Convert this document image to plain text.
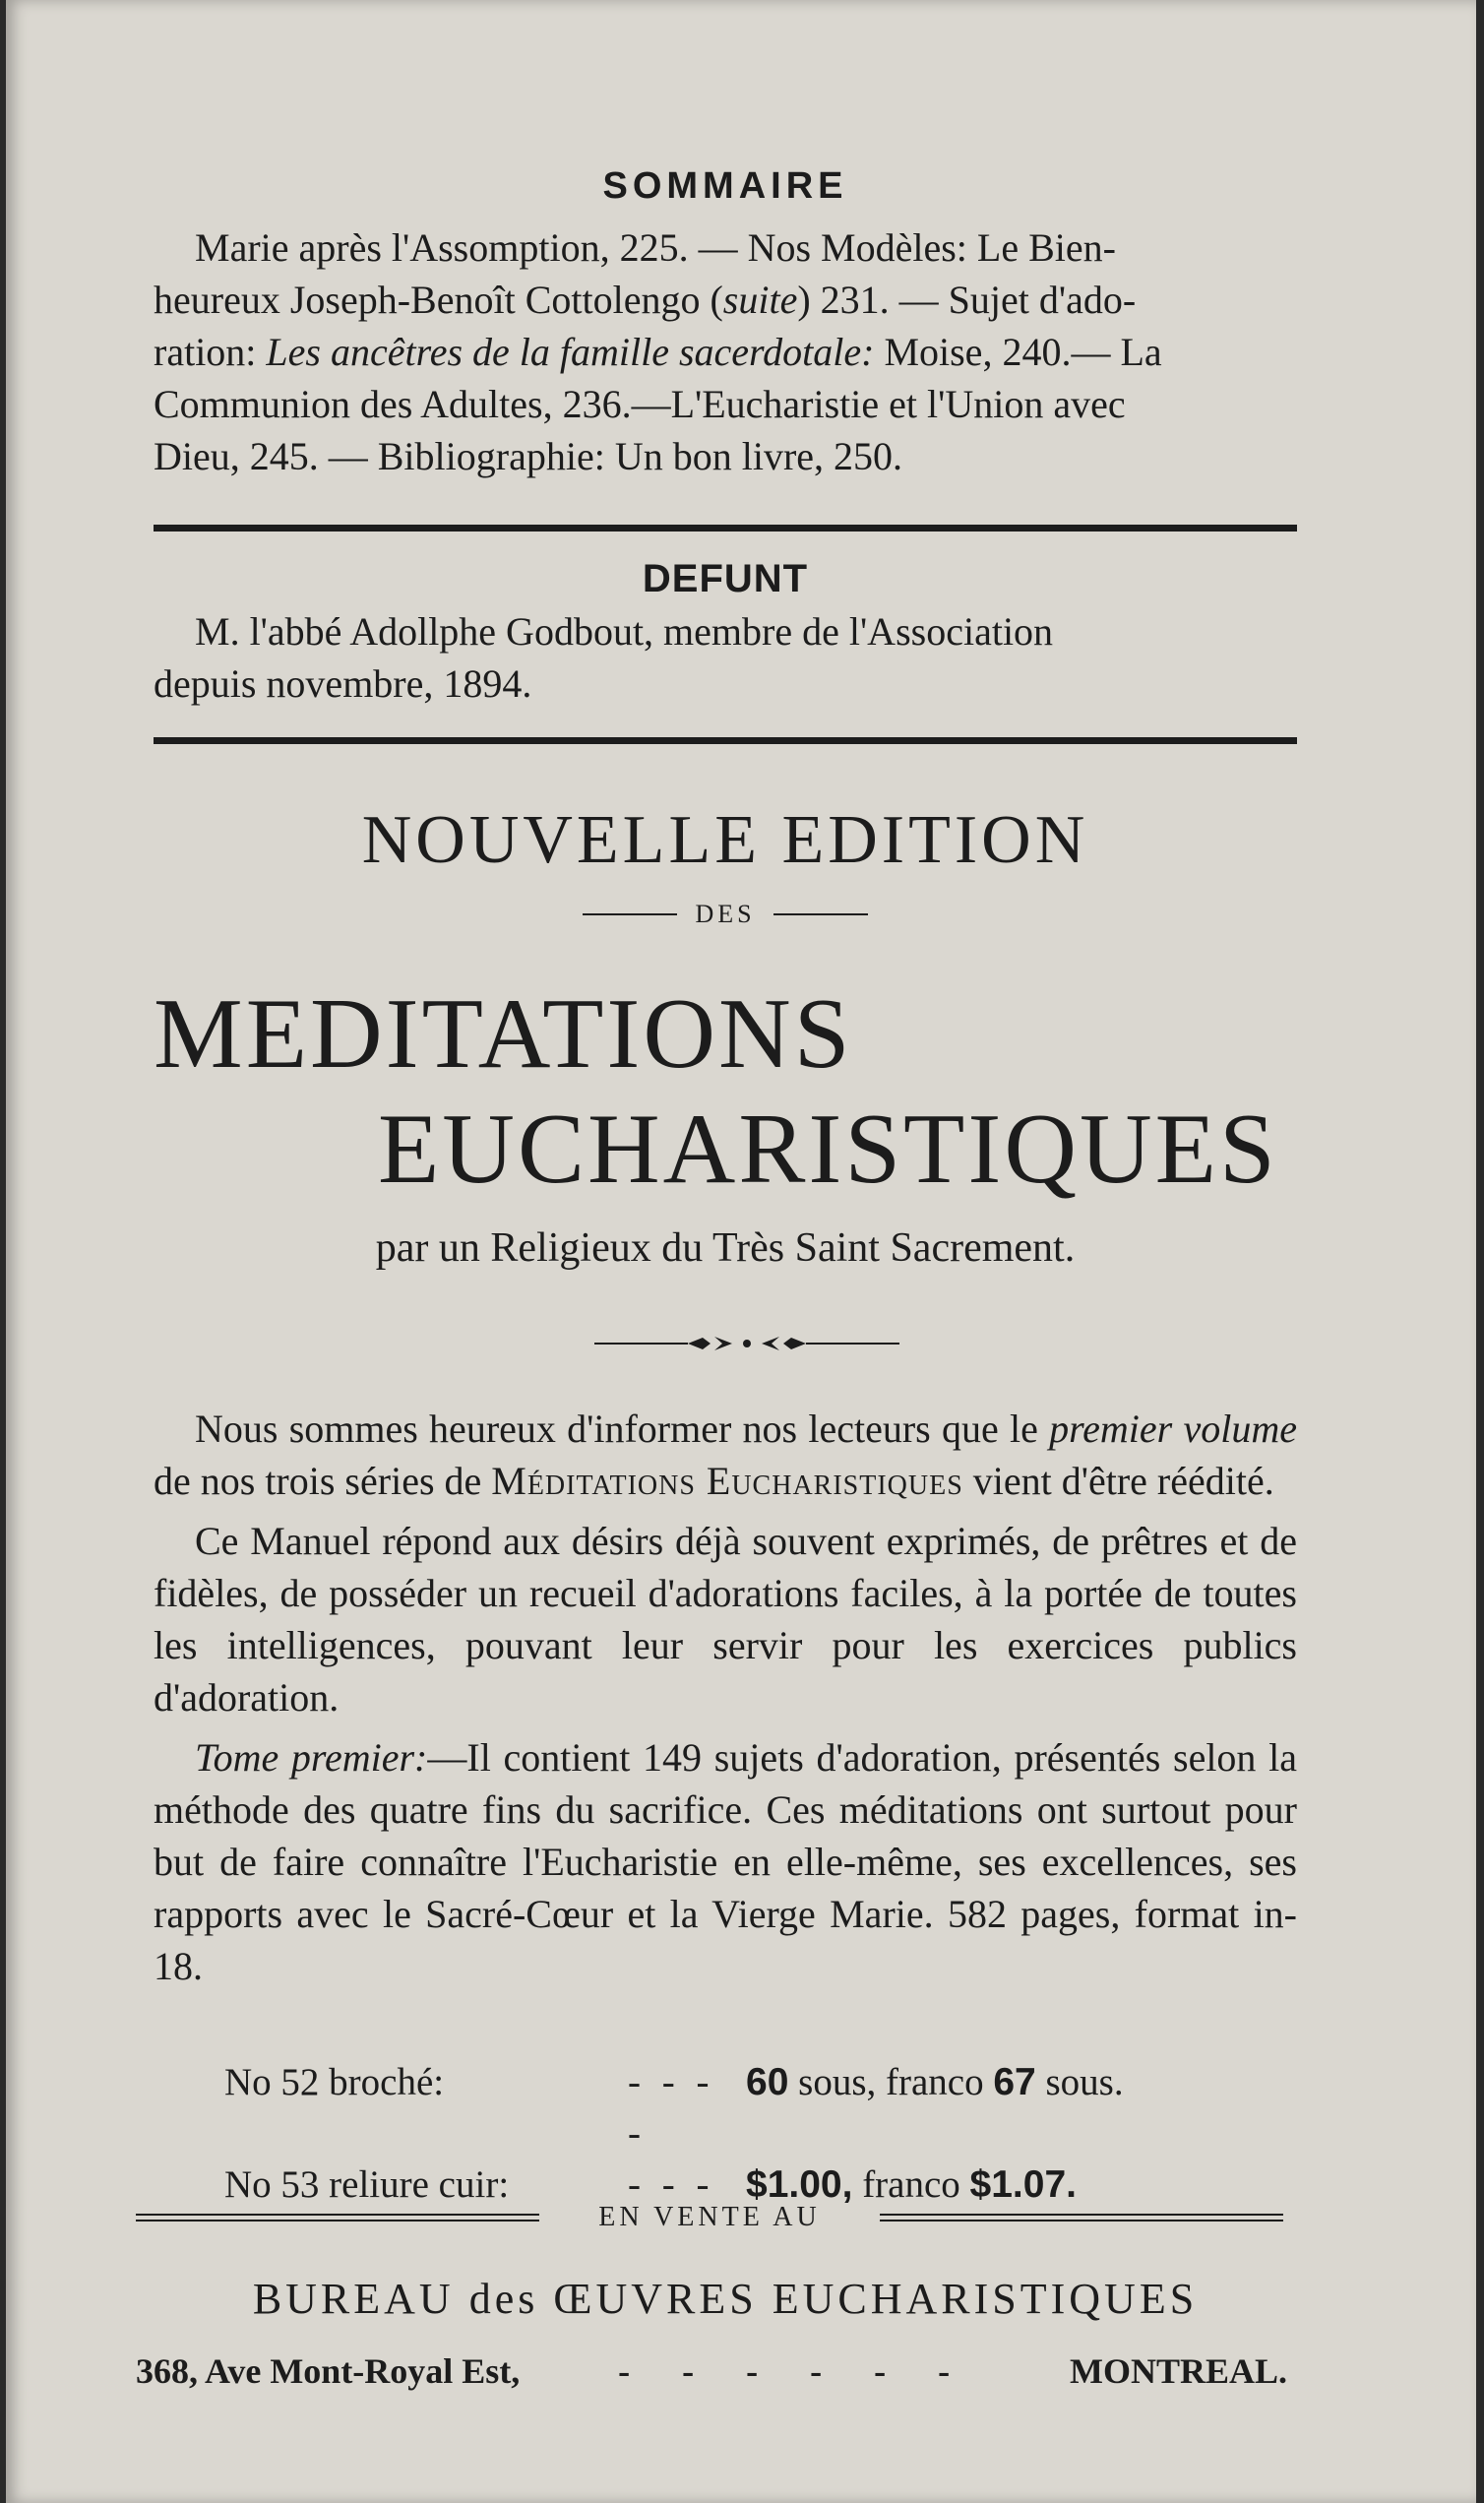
SOMMAIRE
Marie après l'Assomption, 225. — Nos Modèles: Le Bien-
heureux Joseph-Benoît Cottolengo (suite) 231. — Sujet d'ado-
ration: Les ancêtres de la famille sacerdotale: Moise, 240.— La
Communion des Adultes, 236.—L'Eucharistie et l'Union avec
Dieu, 245. — Bibliographie: Un bon livre, 250.
DEFUNT
M. l'abbé Adollphe Godbout, membre de l'Association
depuis novembre, 1894.
NOUVELLE EDITION
DES
MEDITATIONS
EUCHARISTIQUES
par un Religieux du Très Saint Sacrement.
Nous sommes heureux d'informer nos lecteurs que le premier volume de nos trois séries de Méditations Eucharistiques vient d'être réédité.
Ce Manuel répond aux désirs déjà souvent exprimés, de prêtres et de fidèles, de posséder un recueil d'adorations faciles, à la portée de toutes les intelligences, pouvant leur servir pour les exercices publics d'adoration.
Tome premier:—Il contient 149 sujets d'adoration, présentés selon la méthode des quatre fins du sacrifice. Ces méditations ont surtout pour but de faire connaître l'Eucharistie en elle-même, ses excellences, ses rapports avec le Sacré-Cœur et la Vierge Marie. 582 pages, format in-18.
No 52 broché:	- - - -	60 sous, franco 67 sous.
No 53 reliure cuir:	- - -	$1.00, franco $1.07.
EN VENTE AU
BUREAU des ŒUVRES EUCHARISTIQUES
368, Ave Mont-Royal Est,	- - - - - -	MONTREAL.
